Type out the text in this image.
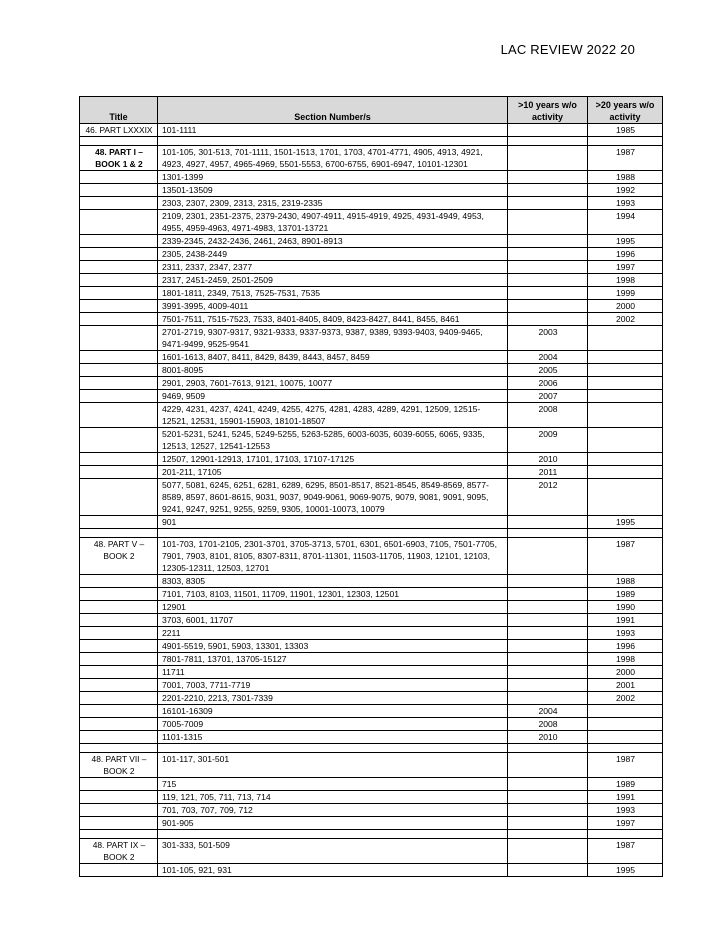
LAC REVIEW 2022 20
Title	Section Number/s	>10 years w/o activity	>20 years w/o activity
46. PART LXXXIX	101-1111		1985

48. PART I – BOOK 1 & 2	101-105, 301-513, 701-1111, 1501-1513, 1701, 1703, 4701-4771, 4905, 4913, 4921, 4923, 4927, 4957, 4965-4969, 5501-5553, 6700-6755, 6901-6947, 10101-12301		1987
	1301-1399		1988
	13501-13509		1992
	2303, 2307, 2309, 2313, 2315, 2319-2335		1993
	2109, 2301, 2351-2375, 2379-2430, 4907-4911, 4915-4919, 4925, 4931-4949, 4953, 4955, 4959-4963, 4971-4983, 13701-13721		1994
	2339-2345, 2432-2436, 2461, 2463, 8901-8913		1995
	2305, 2438-2449		1996
	2311, 2337, 2347, 2377		1997
	2317, 2451-2459, 2501-2509		1998
	1801-1811, 2349, 7513, 7525-7531, 7535		1999
	3991-3995, 4009-4011		2000
	7501-7511, 7515-7523, 7533, 8401-8405, 8409, 8423-8427, 8441, 8455, 8461		2002
	2701-2719, 9307-9317, 9321-9333, 9337-9373, 9387, 9389, 9393-9403, 9409-9465, 9471-9499, 9525-9541	2003	
	1601-1613, 8407, 8411, 8429, 8439, 8443, 8457, 8459	2004	
	8001-8095	2005	
	2901, 2903, 7601-7613, 9121, 10075, 10077	2006	
	9469, 9509	2007	
	4229, 4231, 4237, 4241, 4249, 4255, 4275, 4281, 4283, 4289, 4291, 12509, 12515-12521, 12531, 15901-15903, 18101-18507	2008	
	5201-5231, 5241, 5245, 5249-5255, 5263-5285, 6003-6035, 6039-6055, 6065, 9335, 12513, 12527, 12541-12553	2009	
	12507, 12901-12913, 17101, 17103, 17107-17125	2010	
	201-211, 17105	2011	
	5077, 5081, 6245, 6251, 6281, 6289, 6295, 8501-8517, 8521-8545, 8549-8569, 8577-8589, 8597, 8601-8615, 9031, 9037, 9049-9061, 9069-9075, 9079, 9081, 9091, 9095, 9241, 9247, 9251, 9255, 9259, 9305, 10001-10073, 10079	2012	
	901		1995

48. PART V – BOOK 2	101-703, 1701-2105, 2301-3701, 3705-3713, 5701, 6301, 6501-6903, 7105, 7501-7705, 7901, 7903, 8101, 8105, 8307-8311, 8701-11301, 11503-11705, 11903, 12101, 12103, 12305-12311, 12503, 12701		1987
	8303, 8305		1988
	7101, 7103, 8103, 11501, 11709, 11901, 12301, 12303, 12501		1989
	12901		1990
	3703, 6001, 11707		1991
	2211		1993
	4901-5519, 5901, 5903, 13301, 13303		1996
	7801-7811, 13701, 13705-15127		1998
	11711		2000
	7001, 7003, 7711-7719		2001
	2201-2210, 2213, 7301-7339		2002
	16101-16309	2004	
	7005-7009	2008	
	1101-1315	2010	

48. PART VII – BOOK 2	101-117, 301-501		1987
	715		1989
	119, 121, 705, 711, 713, 714		1991
	701, 703, 707, 709, 712		1993
	901-905		1997

48. PART IX – BOOK 2	301-333, 501-509		1987
	101-105, 921, 931		1995
